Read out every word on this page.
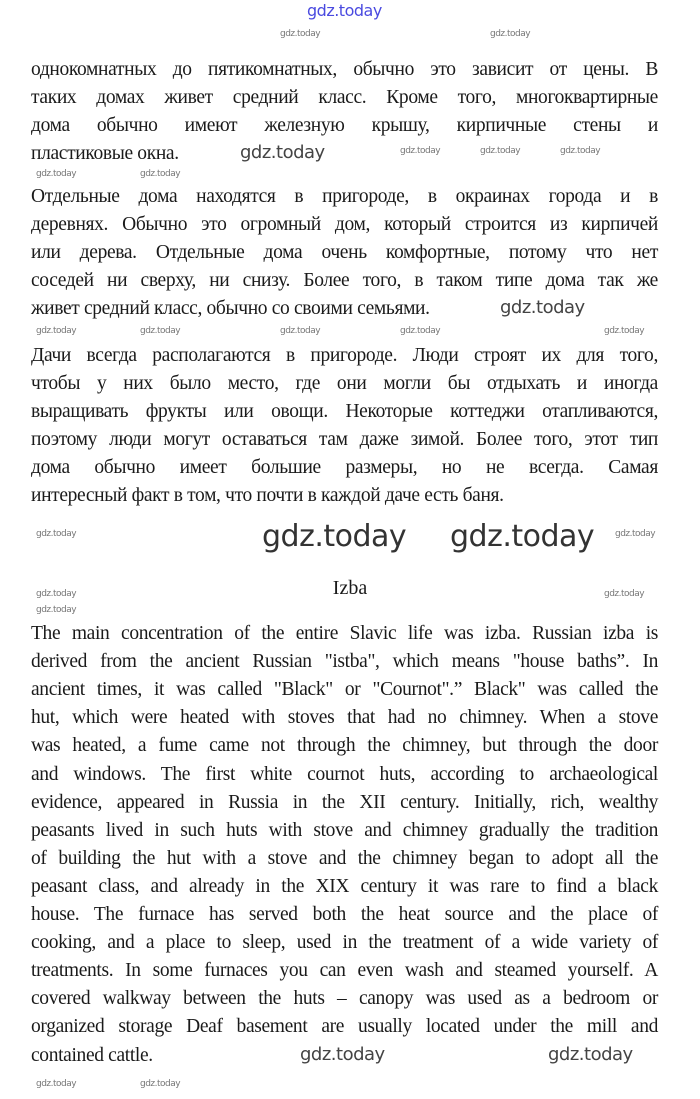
однокомнатных до пятикомнатных, обычно это зависит от цены. В
таких домах живет средний класс. Кроме того, многоквартирные
дома обычно имеют железную крышу, кирпичные стены и
пластиковые окна.
Отдельные дома находятся в пригороде, в окраинах города и в
деревнях. Обычно это огромный дом, который строится из кирпичей
или дерева. Отдельные дома очень комфортные, потому что нет
соседей ни сверху, ни снизу. Более того, в таком типе дома так же
живет средний класс, обычно со своими семьями.
Дачи всегда располагаются в пригороде. Люди строят их для того,
чтобы у них было место, где они могли бы отдыхать и иногда
выращивать фрукты или овощи. Некоторые коттеджи отапливаются,
поэтому люди могут оставаться там даже зимой. Более того, этот тип
дома обычно имеет большие размеры, но не всегда. Самая
интересный факт в том, что почти в каждой даче есть баня.
The main concentration of the entire Slavic life was izba. Russian izba is
derived from the ancient Russian "istba", which means "house baths”. In
ancient times, it was called "Black" or "Cournot".” Black" was called the
hut, which were heated with stoves that had no chimney. When a stove
was heated, a fume came not through the chimney, but through the door
and windows. The first white cournot huts, according to archaeological
evidence, appeared in Russia in the XII century. Initially, rich, wealthy
peasants lived in such huts with stove and chimney gradually the tradition
of building the hut with a stove and the chimney began to adopt all the
peasant class, and already in the XIX century it was rare to find a black
house. The furnace has served both the heat source and the place of
cooking, and a place to sleep, used in the treatment of a wide variety of
treatments. In some furnaces you can even wash and steamed yourself. A
covered walkway between the huts – canopy was used as a bedroom or
organized storage Deaf basement are usually located under the mill and
contained cattle.
Izba
gdz.today
gdz.today	gdz.today
gdz.today	gdz.today	gdz.today	gdz.today
gdz.today	gdz.today
gdz.today
gdz.today	gdz.today	gdz.today	gdz.today	gdz.today
gdz.today gdz.today
gdz.today	gdz.today
gdz.today	gdz.today
gdz.today
gdz.today	gdz.today
gdz.today	gdz.today
